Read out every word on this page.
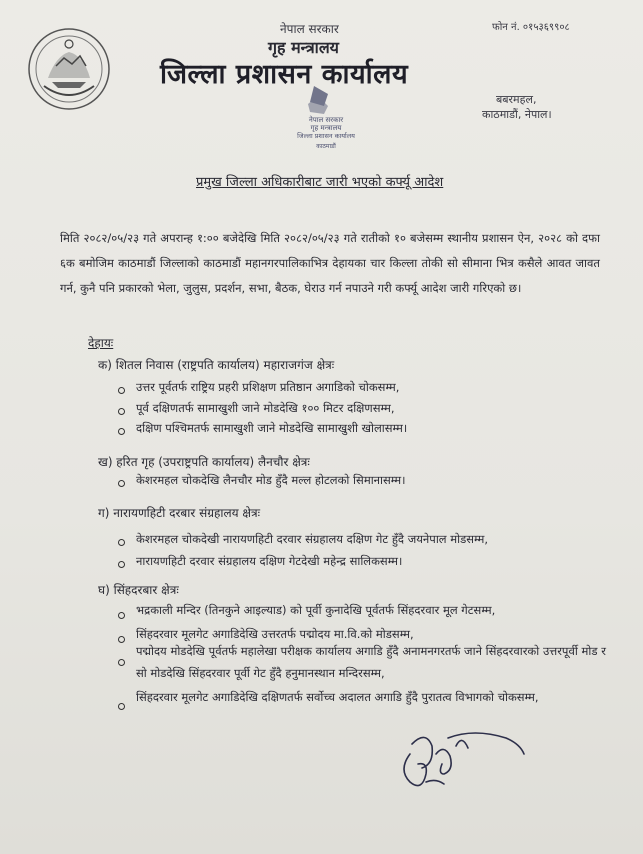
नेपाल सरकार	फोन नं. ०१५३६९९०८
गृह मन्त्रालय
जिल्ला प्रशासन कार्यालय
नेपाल सरकार
गृह मन्त्रालय
जिल्ला प्रशासन कार्यालय
काठमाडौं
बबरमहल,
काठमाडौं, नेपाल।
प्रमुख जिल्ला अधिकारीबाट जारी भएको कर्फ्यू आदेश
मिति २०८२/०५/२३ गते अपरान्ह १:०० बजेदेखि मिति २०८२/०५/२३ गते रातीको १० बजेसम्म स्थानीय प्रशासन ऐन, २०२८ को दफा ६क बमोजिम काठमाडौं जिल्लाको काठमाडौं महानगरपालिकाभित्र देहायका चार किल्ला तोकी सो सीमाना भित्र कसैले आवत जावत गर्न, कुनै पनि प्रकारको भेला, जुलुस, प्रदर्शन, सभा, बैठक, घेराउ गर्न नपाउने गरी कर्फ्यू आदेश जारी गरिएको छ।
देहायः
क) शितल निवास (राष्ट्रपति कार्यालय) महाराजगंज क्षेत्रः
उत्तर पूर्वतर्फ राष्ट्रिय प्रहरी प्रशिक्षण प्रतिष्ठान अगाडिको चोकसम्म,
पूर्व दक्षिणतर्फ सामाखुशी जाने मोडदेखि १०० मिटर दक्षिणसम्म,
दक्षिण पश्चिमतर्फ सामाखुशी जाने मोडदेखि सामाखुशी खोलासम्म।
ख) हरित गृह (उपराष्ट्रपति कार्यालय) लैनचौर क्षेत्रः
केशरमहल चोकदेखि लैनचौर मोड हुँदै मल्ल होटलको सिमानासम्म।
ग) नारायणहिटी दरबार संग्रहालय क्षेत्रः
केशरमहल चोकदेखी नारायणहिटी दरवार संग्रहालय दक्षिण गेट हुँदै जयनेपाल मोडसम्म,
नारायणहिटी दरवार संग्रहालय दक्षिण गेटदेखी महेन्द्र सालिकसम्म।
घ) सिंहदरबार क्षेत्रः
भद्रकाली मन्दिर (तिनकुने आइल्याड) को पूर्वी कुनादेखि पूर्वतर्फ सिंहदरवार मूल गेटसम्म,
सिंहदरवार मूलगेट अगाडिदेखि उत्तरतर्फ पद्मोदय मा.वि.को मोडसम्म,
पद्मोदय मोडदेखि पूर्वतर्फ महालेखा परीक्षक कार्यालय अगाडि हुँदै अनामनगरतर्फ जाने सिंहदरवारको उत्तरपूर्वी मोड र सो मोडदेखि सिंहदरवार पूर्वी गेट हुँदै हनुमानस्थान मन्दिरसम्म,
सिंहदरवार मूलगेट अगाडिदेखि दक्षिणतर्फ सर्वोच्च अदालत अगाडि हुँदै पुरातत्व विभागको चोकसम्म,
